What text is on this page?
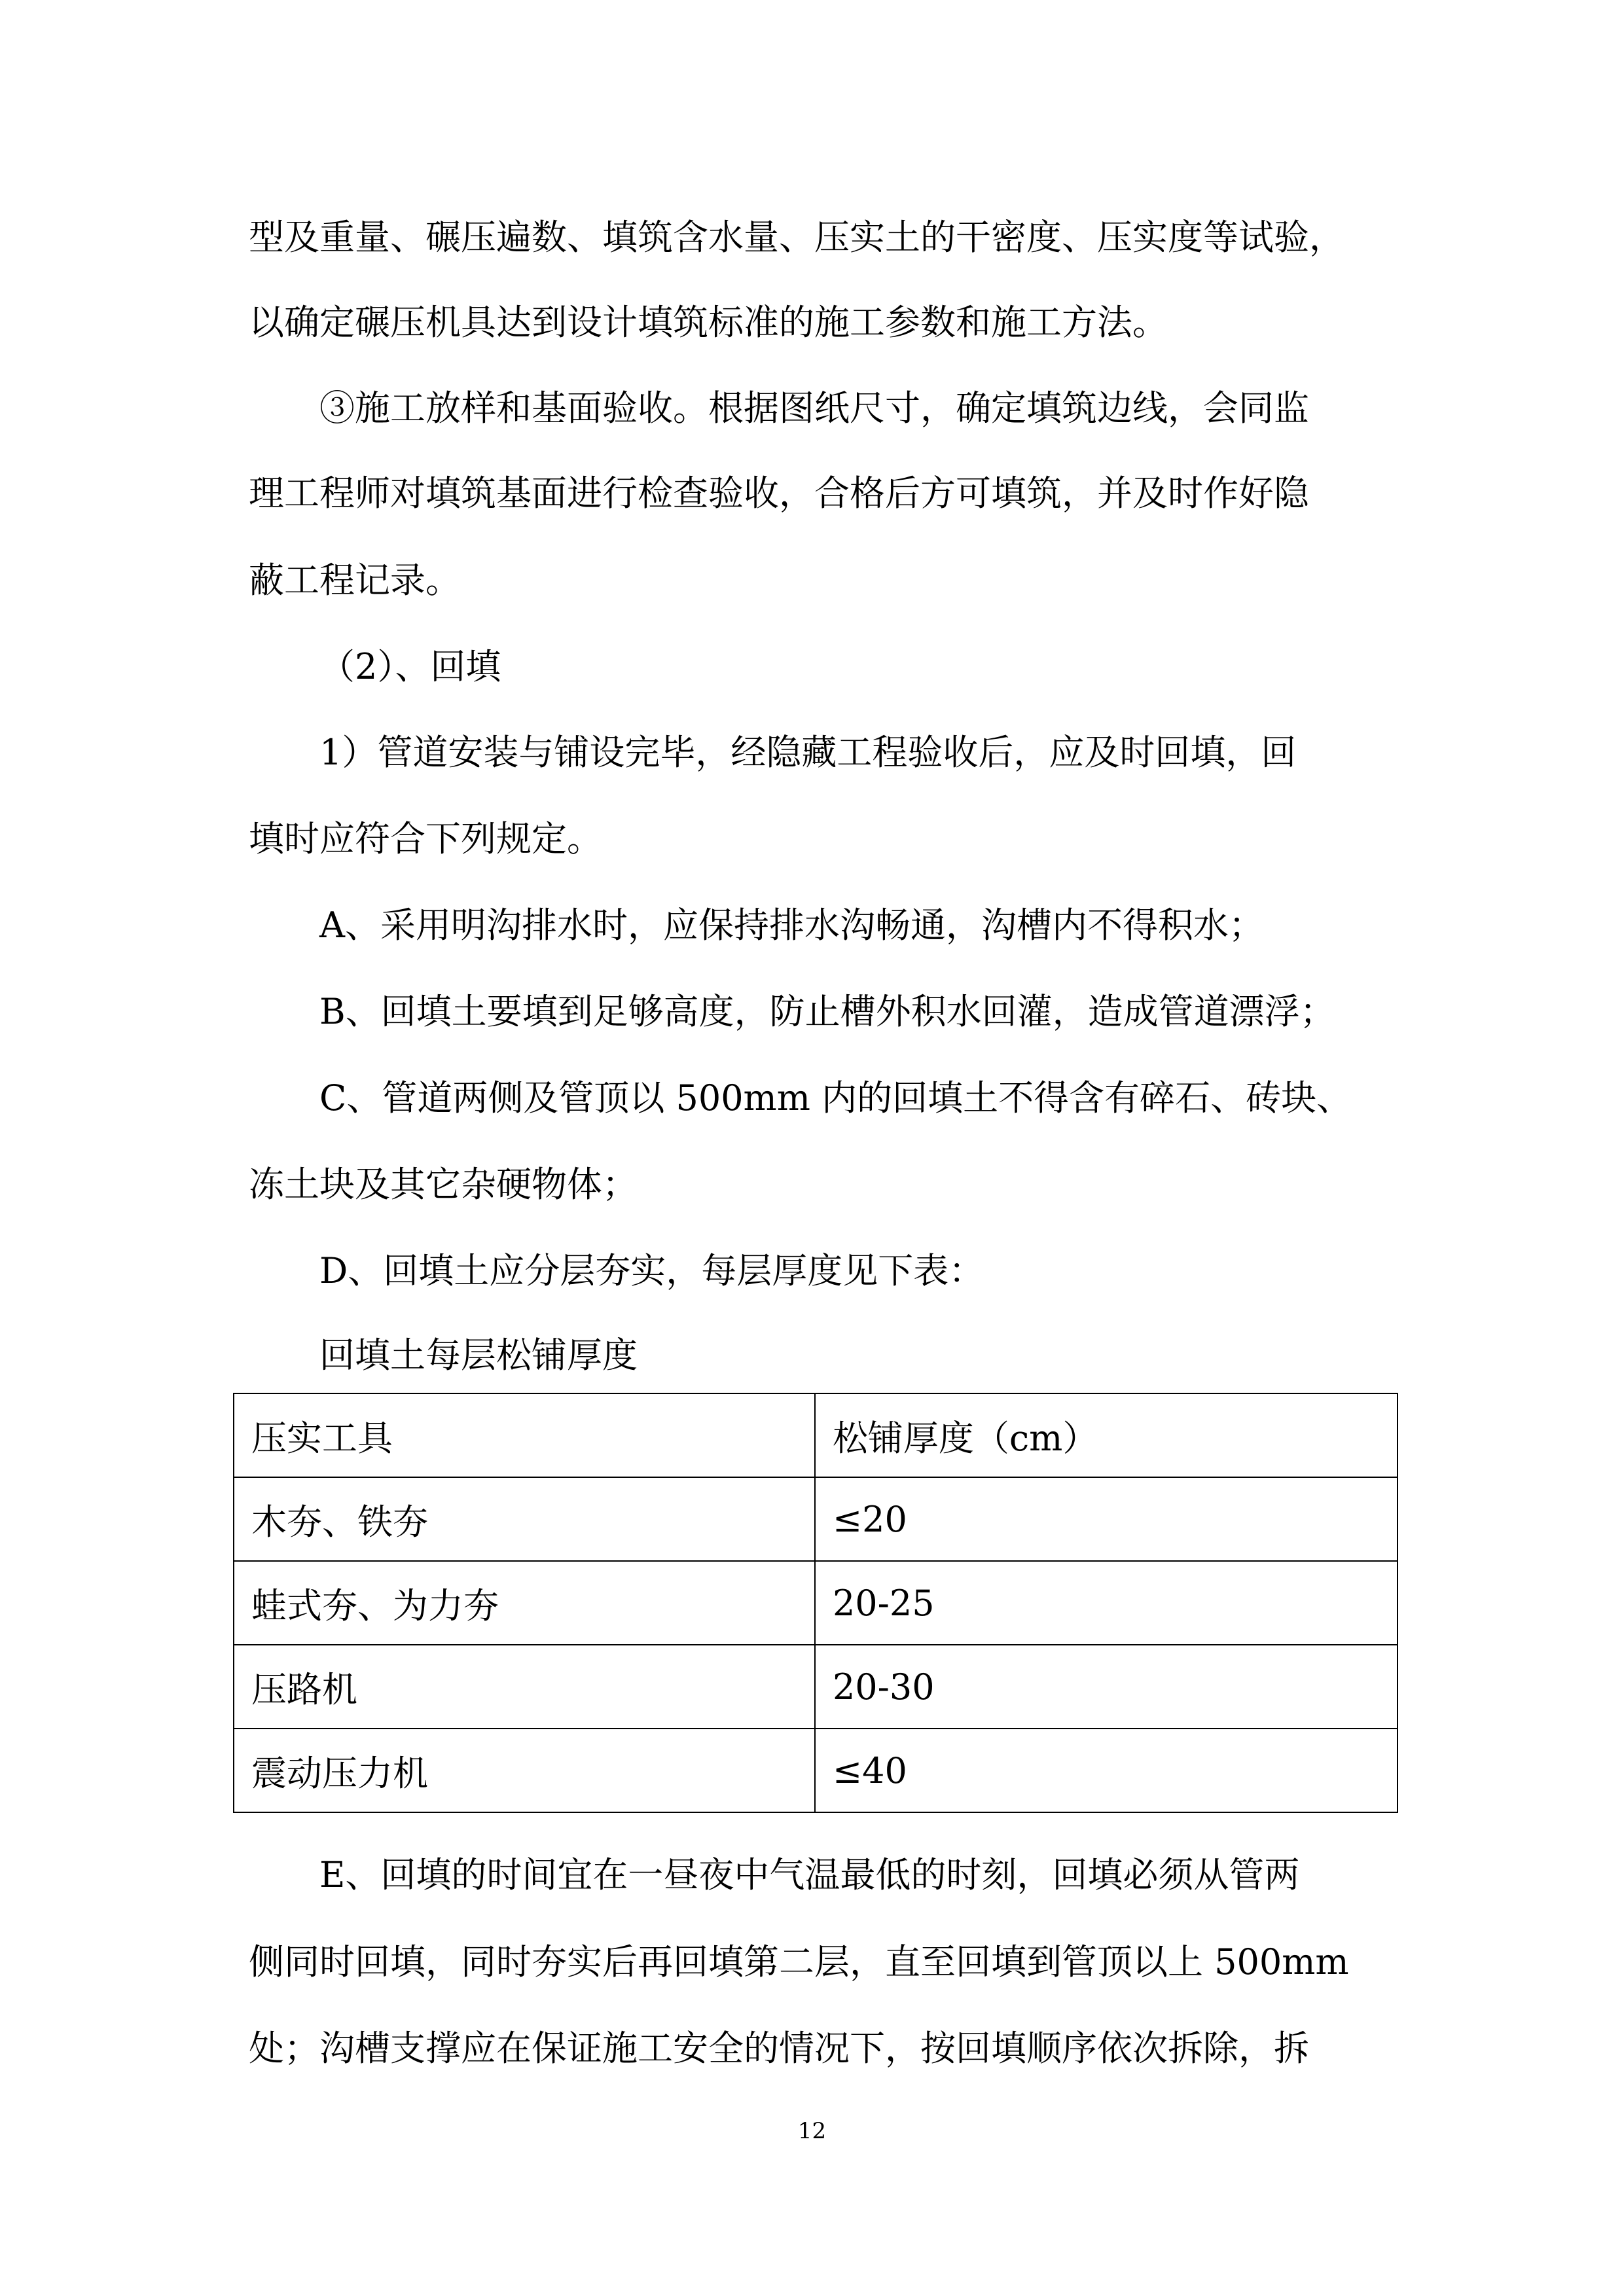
型及重量、碾压遍数、填筑含水量、压实土的干密度、压实度等试验，
以确定碾压机具达到设计填筑标准的施工参数和施工方法。
③施工放样和基面验收。根据图纸尺寸，确定填筑边线，会同监
理工程师对填筑基面进行检查验收，合格后方可填筑，并及时作好隐
蔽工程记录。
（2）、回填
1）管道安装与铺设完毕，经隐藏工程验收后，应及时回填，回
填时应符合下列规定。
A、采用明沟排水时，应保持排水沟畅通，沟槽内不得积水；
B、回填土要填到足够高度，防止槽外积水回灌，造成管道漂浮；
C、管道两侧及管顶以 500mm 内的回填土不得含有碎石、砖块、
冻土块及其它杂硬物体；
D、回填土应分层夯实，每层厚度见下表：
回填土每层松铺厚度
压实工具	松铺厚度（cm）
木夯、铁夯	≤20
蛙式夯、为力夯	20-25
压路机	20-30
震动压力机	≤40
E、回填的时间宜在一昼夜中气温最低的时刻，回填必须从管两
侧同时回填，同时夯实后再回填第二层，直至回填到管顶以上 500mm
处；沟槽支撑应在保证施工安全的情况下，按回填顺序依次拆除，拆
12
